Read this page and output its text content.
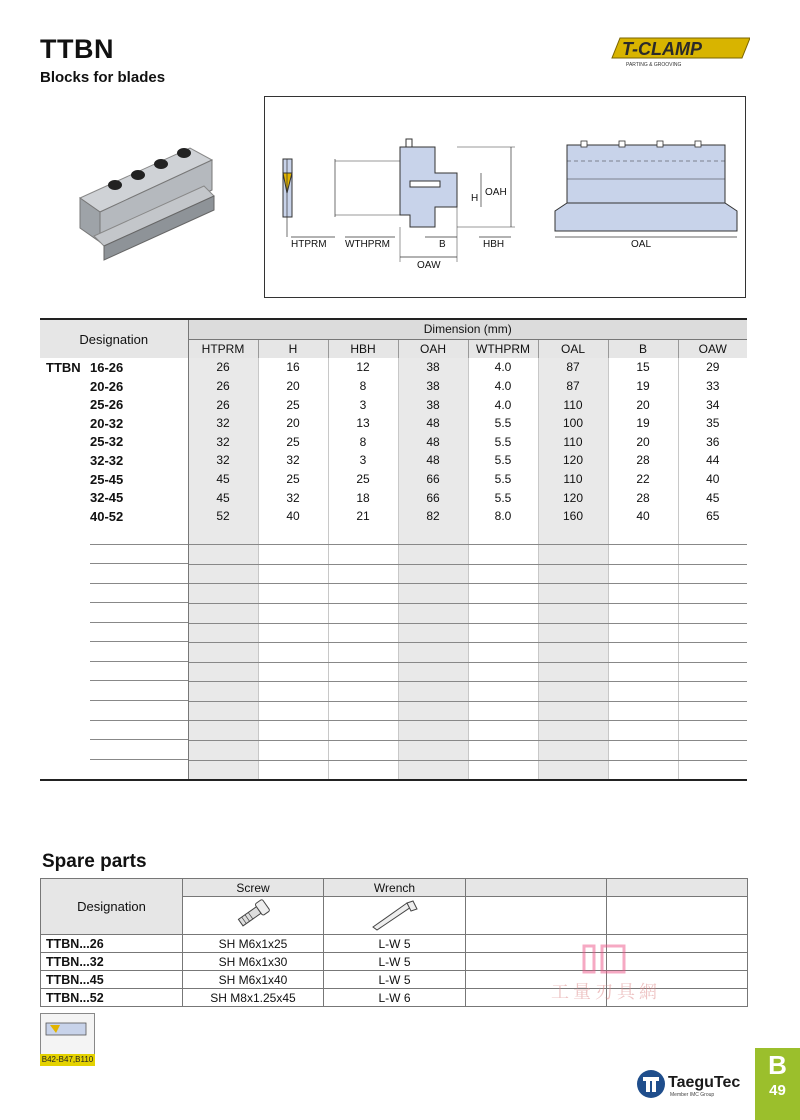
TTBN
Blocks for blades
T-CLAMP
PARTING & GROOVING
HTPRM WTHPRM	B	HBH
OAW
OAH
H
OAL
Designation	Dimension (mm)							
	HTPRM	H	HBH	OAH	WTHPRM	OAL	B	OAW
TTBN 16-26	26	16	12	38	4.0	87	15	29
20-26	26	20	8	38	4.0	87	19	33
25-26	26	25	3	38	4.0	110	20	34
20-32	32	20	13	48	5.5	100	19	35
25-32	32	25	8	48	5.5	110	20	36
32-32	32	32	3	48	5.5	120	28	44
25-45	45	25	25	66	5.5	110	22	40
32-45	45	32	18	66	5.5	120	28	45
40-52	52	40	21	82	8.0	160	40	65

Spare parts
Designation	Screw	Wrench		

TTBN...26	SH M6x1x25	L-W 5		
TTBN...32	SH M6x1x30	L-W 5		
TTBN...45	SH M6x1x40	L-W 5		
TTBN...52	SH M8x1.25x45	L-W 6			工量刃具網
B42-B47,B110
TaeguTec
Member IMC Group
B
49
